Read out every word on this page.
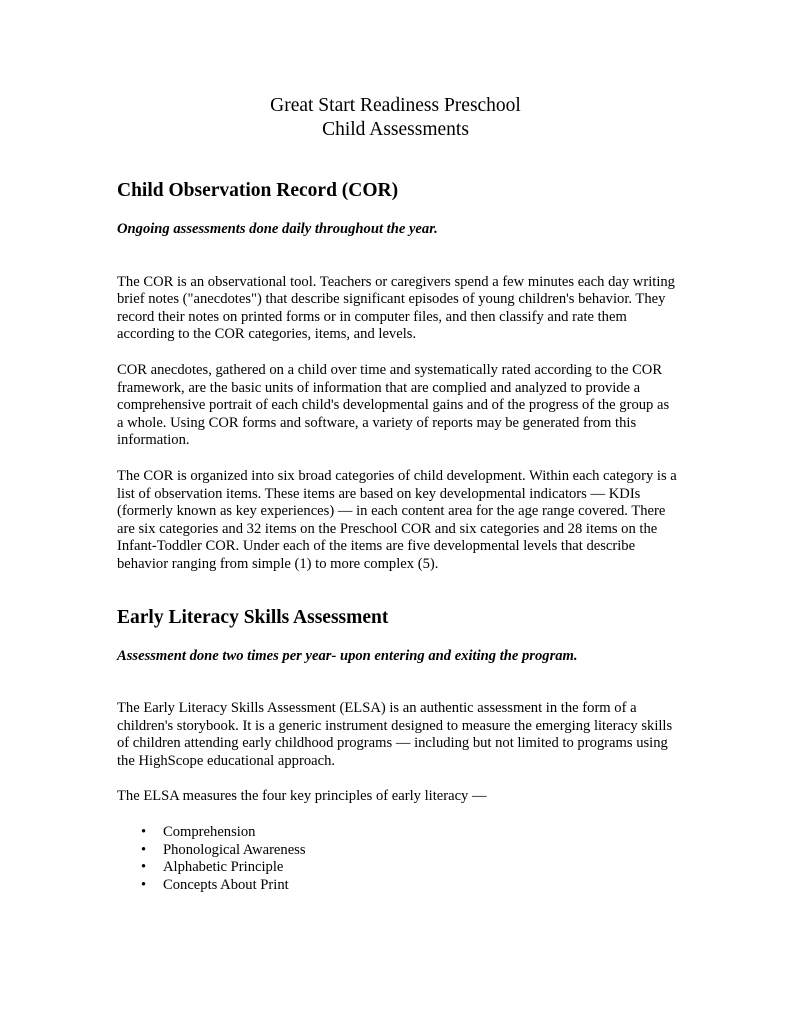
Great Start Readiness Preschool
Child Assessments
Child Observation Record (COR)

Ongoing assessments done daily throughout the year.

The COR is an observational tool. Teachers or caregivers spend a few minutes each day writing brief notes ("anecdotes") that describe significant episodes of young children's behavior. They record their notes on printed forms or in computer files, and then classify and rate them according to the COR categories, items, and levels.

COR anecdotes, gathered on a child over time and systematically rated according to the COR framework, are the basic units of information that are complied and analyzed to provide a comprehensive portrait of each child's developmental gains and of the progress of the group as a whole. Using COR forms and software, a variety of reports may be generated from this information.

The COR is organized into six broad categories of child development. Within each category is a list of observation items. These items are based on key developmental indicators — KDIs (formerly known as key experiences) — in each content area for the age range covered. There are six categories and 32 items on the Preschool COR and six categories and 28 items on the Infant-Toddler COR. Under each of the items are five developmental levels that describe behavior ranging from simple (1) to more complex (5).

Early Literacy Skills Assessment

Assessment done two times per year- upon entering and exiting the program.

The Early Literacy Skills Assessment (ELSA) is an authentic assessment in the form of a children's storybook. It is a generic instrument designed to measure the emerging literacy skills of children attending early childhood programs — including but not limited to programs using the HighScope educational approach.

The ELSA measures the four key principles of early literacy —

• Comprehension
• Phonological Awareness
• Alphabetic Principle
• Concepts About Print
